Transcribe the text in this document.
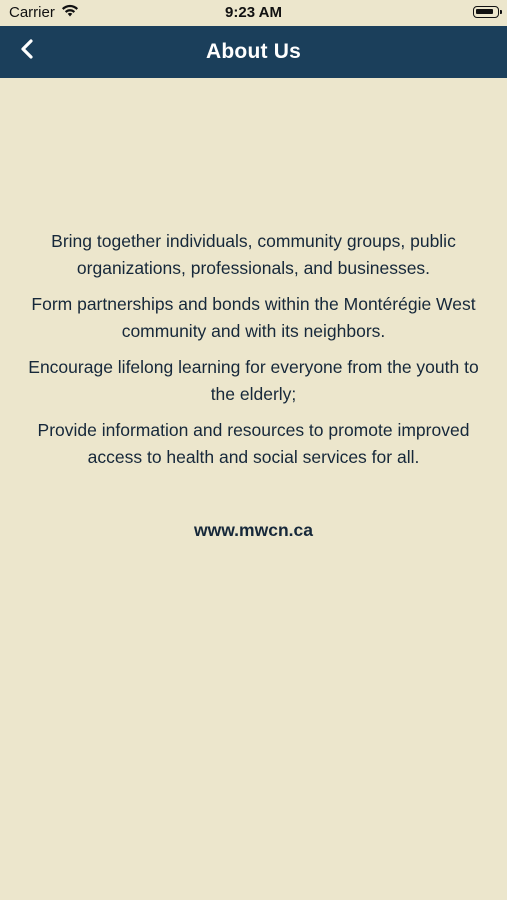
Carrier	9:23 AM
About Us

Bring together individuals, community groups, public organizations, professionals, and businesses.

Form partnerships and bonds within the Montérégie West community and with its neighbors.

Encourage lifelong learning for everyone from the youth to the elderly;

Provide information and resources to promote improved access to health and social services for all.

www.mwcn.ca
